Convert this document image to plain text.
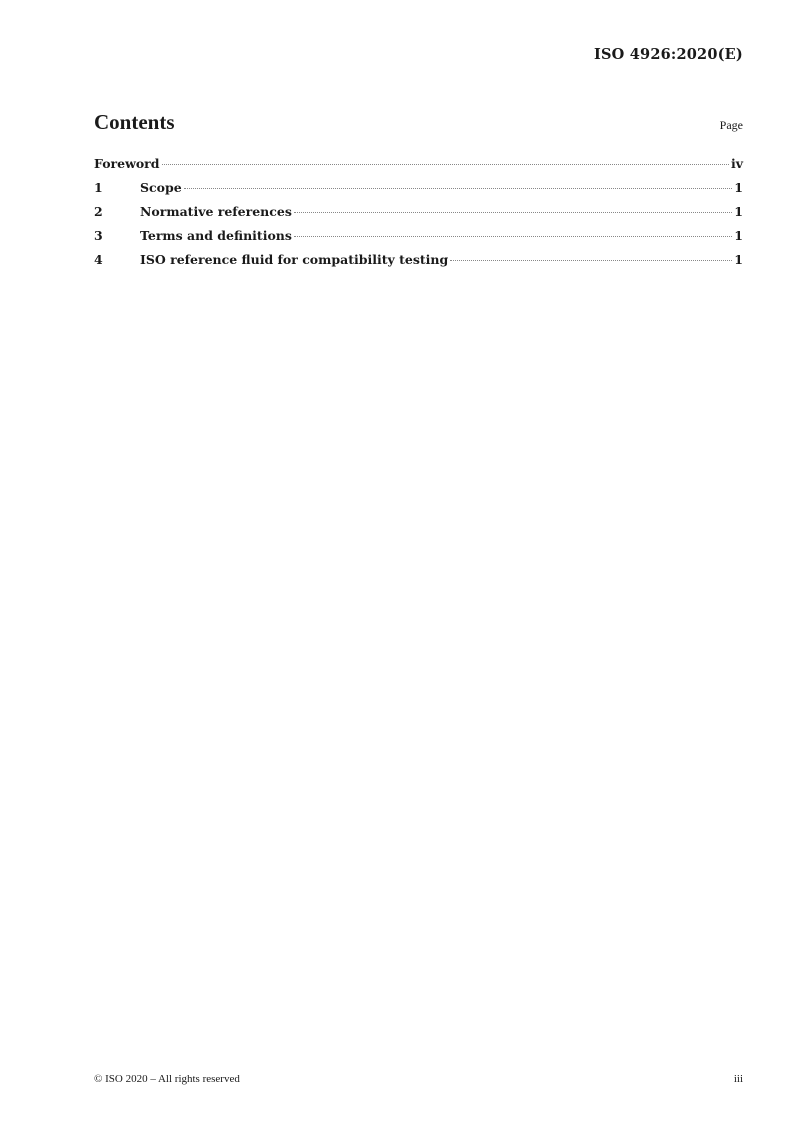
ISO 4926:2020(E)
Contents	Page
Foreword	iv
1	Scope	1
2	Normative references	1
3	Terms and definitions	1
4	ISO reference fluid for compatibility testing	1
© ISO 2020 – All rights reserved	iii
